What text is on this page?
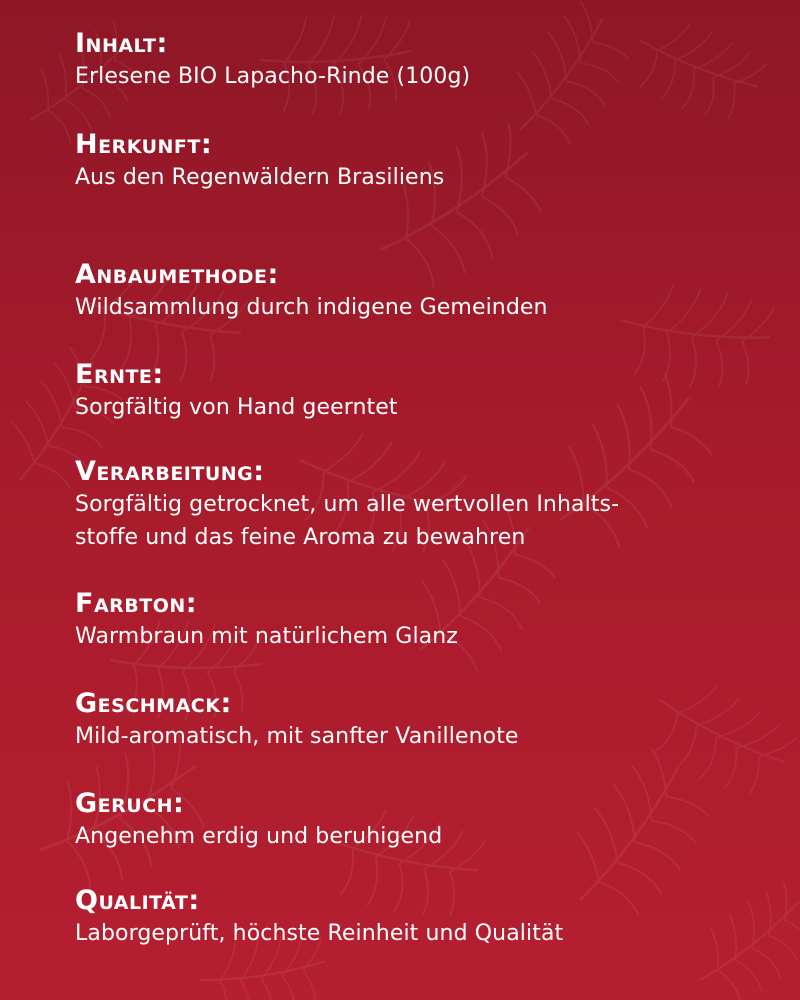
Inhalt:
Erlesene BIO Lapacho-Rinde (100g)
Herkunft:
Aus den Regenwäldern Brasiliens
Anbaumethode:
Wildsammlung durch indigene Gemeinden
Ernte:
Sorgfältig von Hand geerntet
Verarbeitung:
Sorgfältig getrocknet, um alle wertvollen Inhalts-
stoffe und das feine Aroma zu bewahren
Farbton:
Warmbraun mit natürlichem Glanz
Geschmack:
Mild-aromatisch, mit sanfter Vanillenote
Geruch:
Angenehm erdig und beruhigend
Qualität:
Laborgeprüft, höchste Reinheit und Qualität
